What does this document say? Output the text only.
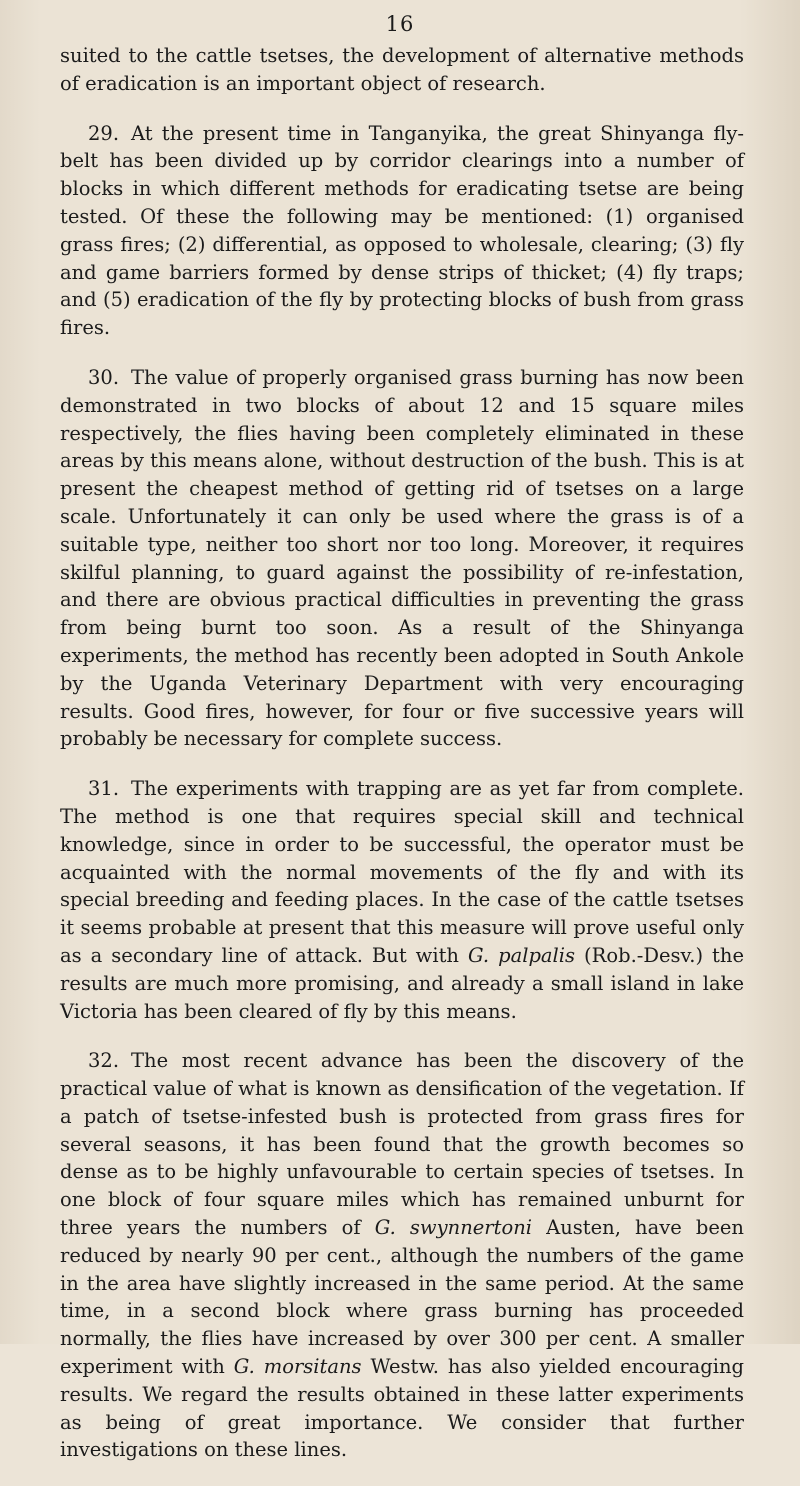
16

suited to the cattle tsetses, the development of alternative methods of eradication is an important object of research.

29. At the present time in Tanganyika, the great Shinyanga fly-belt has been divided up by corridor clearings into a number of blocks in which different methods for eradicating tsetse are being tested. Of these the following may be mentioned: (1) organised grass fires; (2) differential, as opposed to wholesale, clearing; (3) fly and game barriers formed by dense strips of thicket; (4) fly traps; and (5) eradication of the fly by protecting blocks of bush from grass fires.

30. The value of properly organised grass burning has now been demonstrated in two blocks of about 12 and 15 square miles respectively, the flies having been completely eliminated in these areas by this means alone, without destruction of the bush. This is at present the cheapest method of getting rid of tsetses on a large scale. Unfortunately it can only be used where the grass is of a suitable type, neither too short nor too long. Moreover, it requires skilful planning, to guard against the possibility of re-infestation, and there are obvious practical difficulties in preventing the grass from being burnt too soon. As a result of the Shinyanga experiments, the method has recently been adopted in South Ankole by the Uganda Veterinary Department with very encouraging results. Good fires, however, for four or five successive years will probably be necessary for complete success.

31. The experiments with trapping are as yet far from complete. The method is one that requires special skill and technical knowledge, since in order to be successful, the operator must be acquainted with the normal movements of the fly and with its special breeding and feeding places. In the case of the cattle tsetses it seems probable at present that this measure will prove useful only as a secondary line of attack. But with G. palpalis (Rob.-Desv.) the results are much more promising, and already a small island in lake Victoria has been cleared of fly by this means.

32. The most recent advance has been the discovery of the practical value of what is known as densification of the vegetation. If a patch of tsetse-infested bush is protected from grass fires for several seasons, it has been found that the growth becomes so dense as to be highly unfavourable to certain species of tsetses. In one block of four square miles which has remained unburnt for three years the numbers of G. swynnertoni Austen, have been reduced by nearly 90 per cent., although the numbers of the game in the area have slightly increased in the same period. At the same time, in a second block where grass burning has proceeded normally, the flies have increased by over 300 per cent. A smaller experiment with G. morsitans Westw. has also yielded encouraging results. We regard the results obtained in these latter experiments as being of great importance. We consider that further investigations on these lines.
